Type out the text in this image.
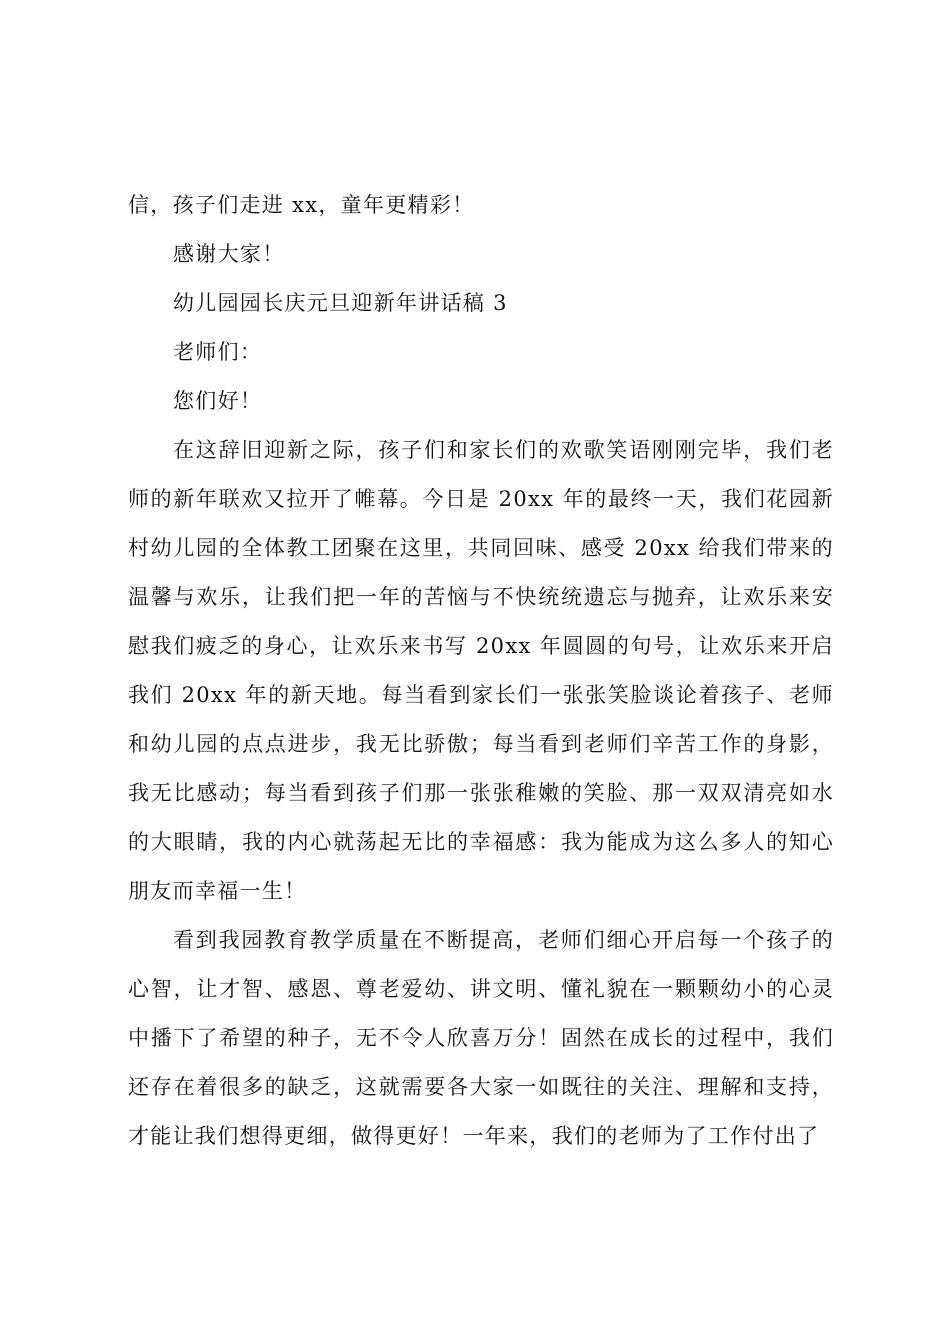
信，孩子们走进 xx，童年更精彩！

感谢大家！

幼儿园园长庆元旦迎新年讲话稿 3

老师们：

您们好！

在这辞旧迎新之际，孩子们和家长们的欢歌笑语刚刚完毕，我们老师的新年联欢又拉开了帷幕。今日是 20xx 年的最终一天，我们花园新村幼儿园的全体教工团聚在这里，共同回味、感受 20xx 给我们带来的温馨与欢乐，让我们把一年的苦恼与不快统统遗忘与抛弃，让欢乐来安慰我们疲乏的身心，让欢乐来书写 20xx 年圆圆的句号，让欢乐来开启我们 20xx 年的新天地。每当看到家长们一张张笑脸谈论着孩子、老师和幼儿园的点点进步，我无比骄傲；每当看到老师们辛苦工作的身影，我无比感动；每当看到孩子们那一张张稚嫩的笑脸、那一双双清亮如水的大眼睛，我的内心就荡起无比的幸福感：我为能成为这么多人的知心朋友而幸福一生！

看到我园教育教学质量在不断提高，老师们细心开启每一个孩子的心智，让才智、感恩、尊老爱幼、讲文明、懂礼貌在一颗颗幼小的心灵中播下了希望的种子，无不令人欣喜万分！固然在成长的过程中，我们还存在着很多的缺乏，这就需要各大家一如既往的关注、理解和支持，才能让我们想得更细，做得更好！一年来，我们的老师为了工作付出了
